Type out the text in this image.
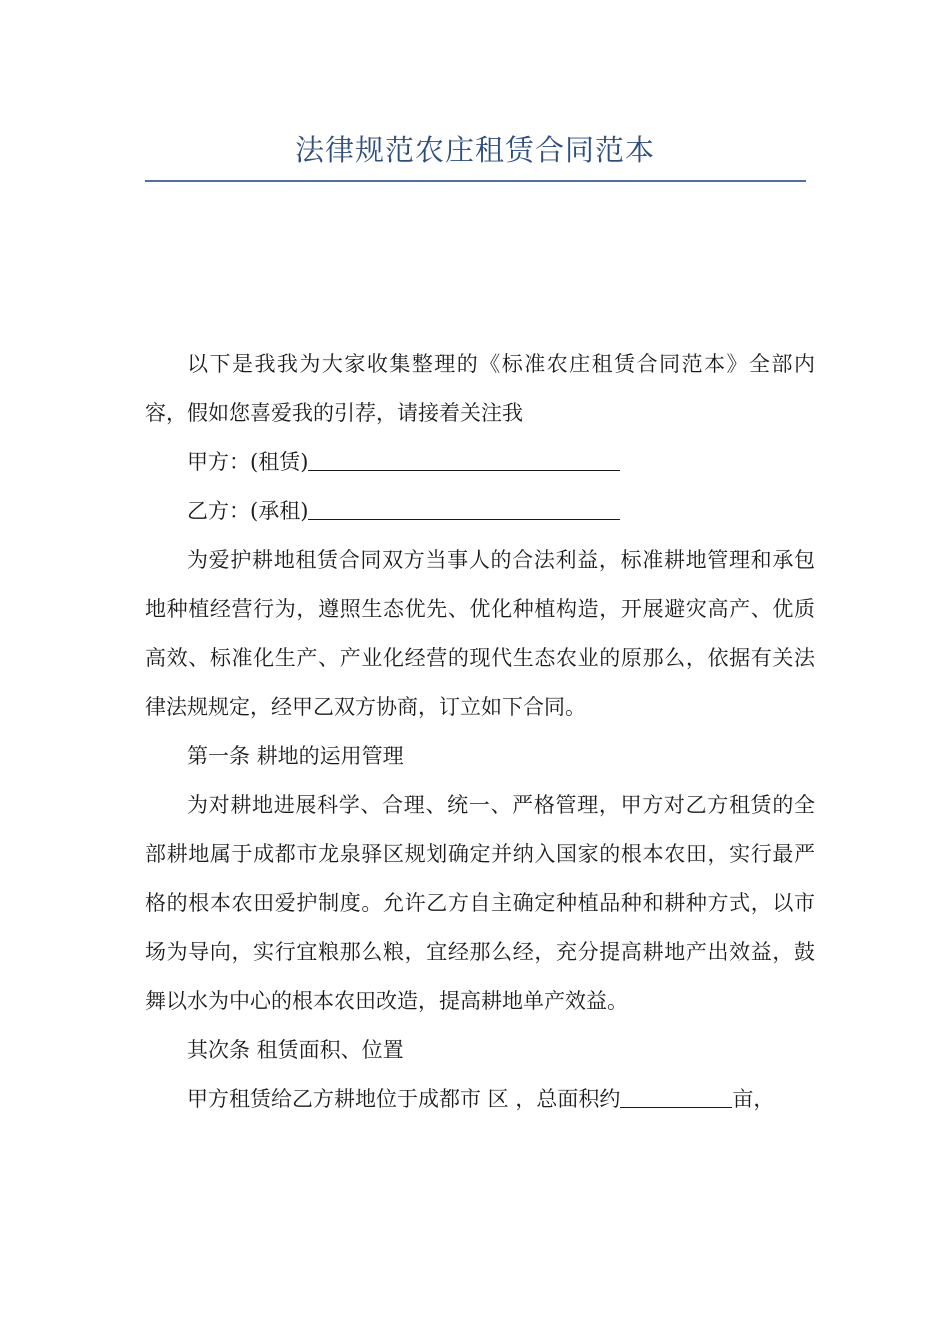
法律规范农庄租赁合同范本

以下是我我为大家收集整理的《标准农庄租赁合同范本》全部内容，假如您喜爱我的引荐，请接着关注我

甲方：(租赁)

乙方：(承租)

为爱护耕地租赁合同双方当事人的合法利益，标准耕地管理和承包地种植经营行为，遵照生态优先、优化种植构造，开展避灾高产、优质高效、标准化生产、产业化经营的现代生态农业的原那么，依据有关法律法规规定，经甲乙双方协商，订立如下合同。

第一条 耕地的运用管理

为对耕地进展科学、合理、统一、严格管理，甲方对乙方租赁的全部耕地属于成都市龙泉驿区规划确定并纳入国家的根本农田，实行最严格的根本农田爱护制度。允许乙方自主确定种植品种和耕种方式，以市场为导向，实行宜粮那么粮，宜经那么经，充分提高耕地产出效益，鼓舞以水为中心的根本农田改造，提高耕地单产效益。

其次条 租赁面积、位置

甲方租赁给乙方耕地位于成都市 区 ，总面积约	亩，
